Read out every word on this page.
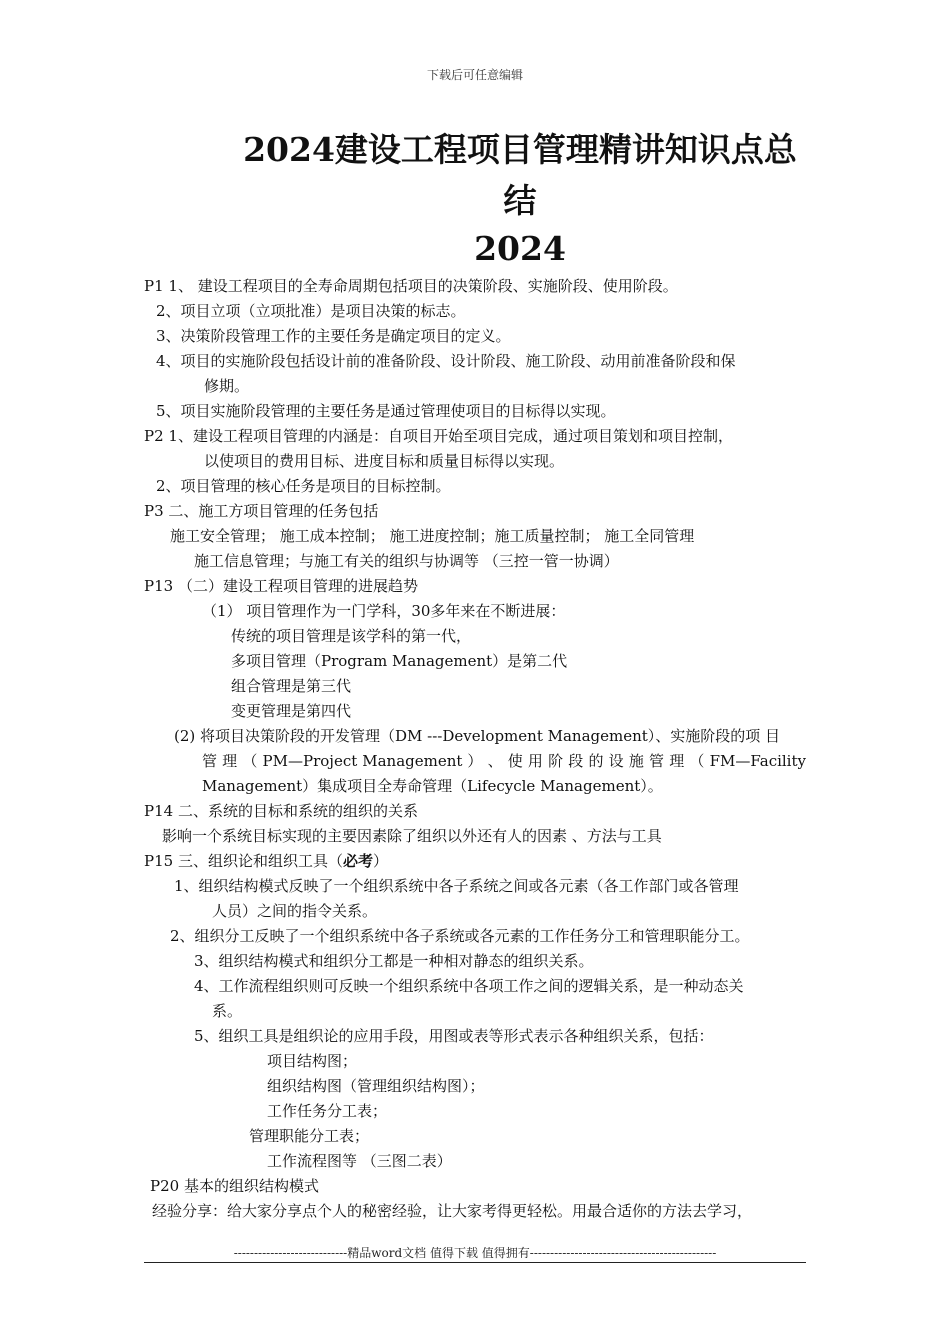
下载后可任意编辑
2024建设工程项目管理精讲知识点总
结
2024
P1 1、 建设工程项目的全寿命周期包括项目的决策阶段、实施阶段、使用阶段。
2、项目立项（立项批准）是项目决策的标志。
3、决策阶段管理工作的主要任务是确定项目的定义。
4、项目的实施阶段包括设计前的准备阶段、设计阶段、施工阶段、动用前准备阶段和保
修期。
5、项目实施阶段管理的主要任务是通过管理使项目的目标得以实现。
P2 1、建设工程项目管理的内涵是：自项目开始至项目完成，通过项目策划和项目控制，
以使项目的费用目标、进度目标和质量目标得以实现。
2、项目管理的核心任务是项目的目标控制。
P3 二、施工方项目管理的任务包括
施工安全管理； 施工成本控制； 施工进度控制；施工质量控制； 施工全同管理
施工信息管理；与施工有关的组织与协调等 （三控一管一协调）
P13 （二）建设工程项目管理的进展趋势
（1） 项目管理作为一门学科，30多年来在不断进展：
传统的项目管理是该学科的第一代，
多项目管理（Program Management）是第二代
组合管理是第三代
变更管理是第四代
(2) 将项目决策阶段的开发管理（DM ---Development Management）、实施阶段的项 目
管 理 （ PM—Project Management ） 、 使 用 阶 段 的 设 施 管 理 （ FM—Facility
Management）集成项目全寿命管理（Lifecycle Management）。
P14 二、系统的目标和系统的组织的关系
影响一个系统目标实现的主要因素除了组织以外还有人的因素 、方法与工具
P15 三、组织论和组织工具（必考）
1、组织结构模式反映了一个组织系统中各子系统之间或各元素（各工作部门或各管理
人员）之间的指令关系。
2、组织分工反映了一个组织系统中各子系统或各元素的工作任务分工和管理职能分工。
3、组织结构模式和组织分工都是一种相对静态的组织关系。
4、工作流程组织则可反映一个组织系统中各项工作之间的逻辑关系，是一种动态关
系。
5、组织工具是组织论的应用手段，用图或表等形式表示各种组织关系，包括：
项目结构图；
组织结构图（管理组织结构图）；
工作任务分工表；
管理职能分工表；
工作流程图等 （三图二表）
P20 基本的组织结构模式
经验分享：给大家分享点个人的秘密经验，让大家考得更轻松。用最合适你的方法去学习，
----------------------------精品word文档 值得下载 值得拥有----------------------------------------------
